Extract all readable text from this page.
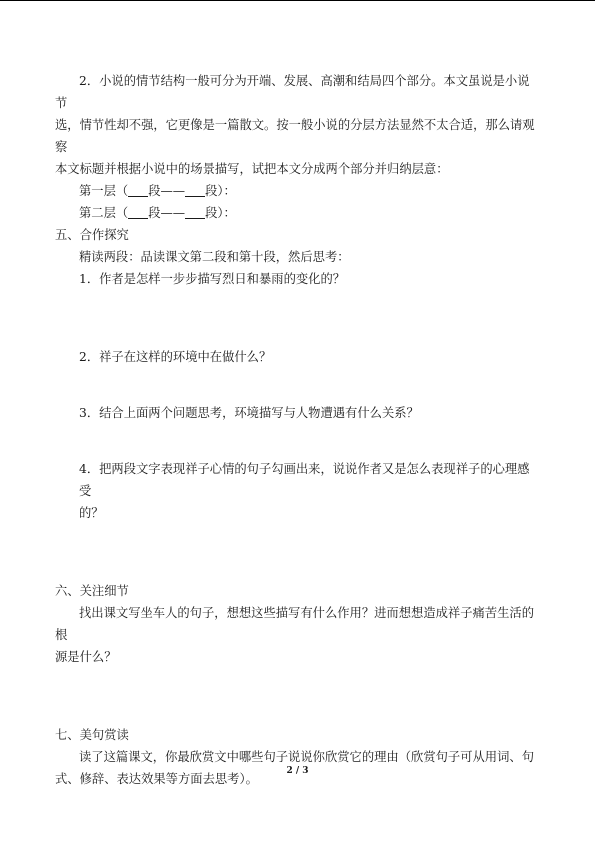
2．小说的情节结构一般可分为开端、发展、高潮和结局四个部分。本文虽说是小说节

选，情节性却不强，它更像是一篇散文。按一般小说的分层方法显然不太合适，那么请观察

本文标题并根据小说中的场景描写，试把本文分成两个部分并归纳层意：

第一层（ 段—— 段）：

第二层（ 段—— 段）：

五、合作探究

精读两段：品读课文第二段和第十段，然后思考：

1．作者是怎样一步步描写烈日和暴雨的变化的？

2．祥子在这样的环境中在做什么？

3．结合上面两个问题思考，环境描写与人物遭遇有什么关系？

4．把两段文字表现祥子心情的句子勾画出来，说说作者又是怎么表现祥子的心理感受
的？

六、关注细节

找出课文写坐车人的句子，想想这些描写有什么作用？进而想想造成祥子痛苦生活的根

源是什么？

七、美句赏读

读了这篇课文，你最欣赏文中哪些句子说说你欣赏它的理由（欣赏句子可从用词、句

式、修辞、表达效果等方面去思考）。

2 / 3
